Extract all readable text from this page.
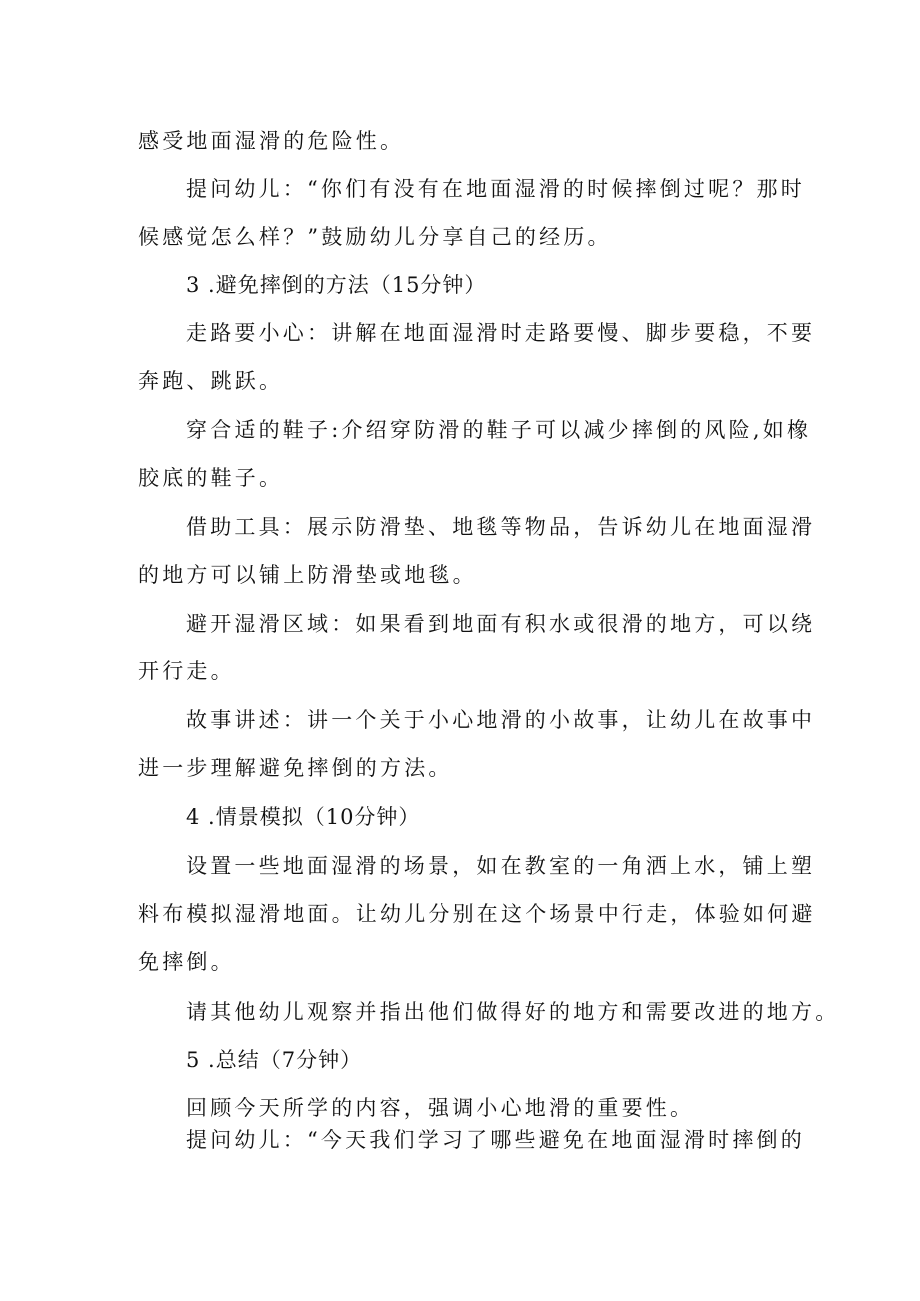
感受地面湿滑的危险性。
提问幼儿：“你们有没有在地面湿滑的时候摔倒过呢？那时
候感觉怎么样？”鼓励幼儿分享自己的经历。
3 .避免摔倒的方法（15分钟）
走路要小心：讲解在地面湿滑时走路要慢、脚步要稳，不要
奔跑、跳跃。
穿合适的鞋子:介绍穿防滑的鞋子可以减少摔倒的风险,如橡
胶底的鞋子。
借助工具：展示防滑垫、地毯等物品，告诉幼儿在地面湿滑
的地方可以铺上防滑垫或地毯。
避开湿滑区域：如果看到地面有积水或很滑的地方，可以绕
开行走。
故事讲述：讲一个关于小心地滑的小故事，让幼儿在故事中
进一步理解避免摔倒的方法。
4 .情景模拟（10分钟）
设置一些地面湿滑的场景，如在教室的一角洒上水，铺上塑
料布模拟湿滑地面。让幼儿分别在这个场景中行走，体验如何避
免摔倒。
请其他幼儿观察并指出他们做得好的地方和需要改进的地方。
5 .总结（7分钟）
回顾今天所学的内容，强调小心地滑的重要性。
提问幼儿：“今天我们学习了哪些避免在地面湿滑时摔倒的
